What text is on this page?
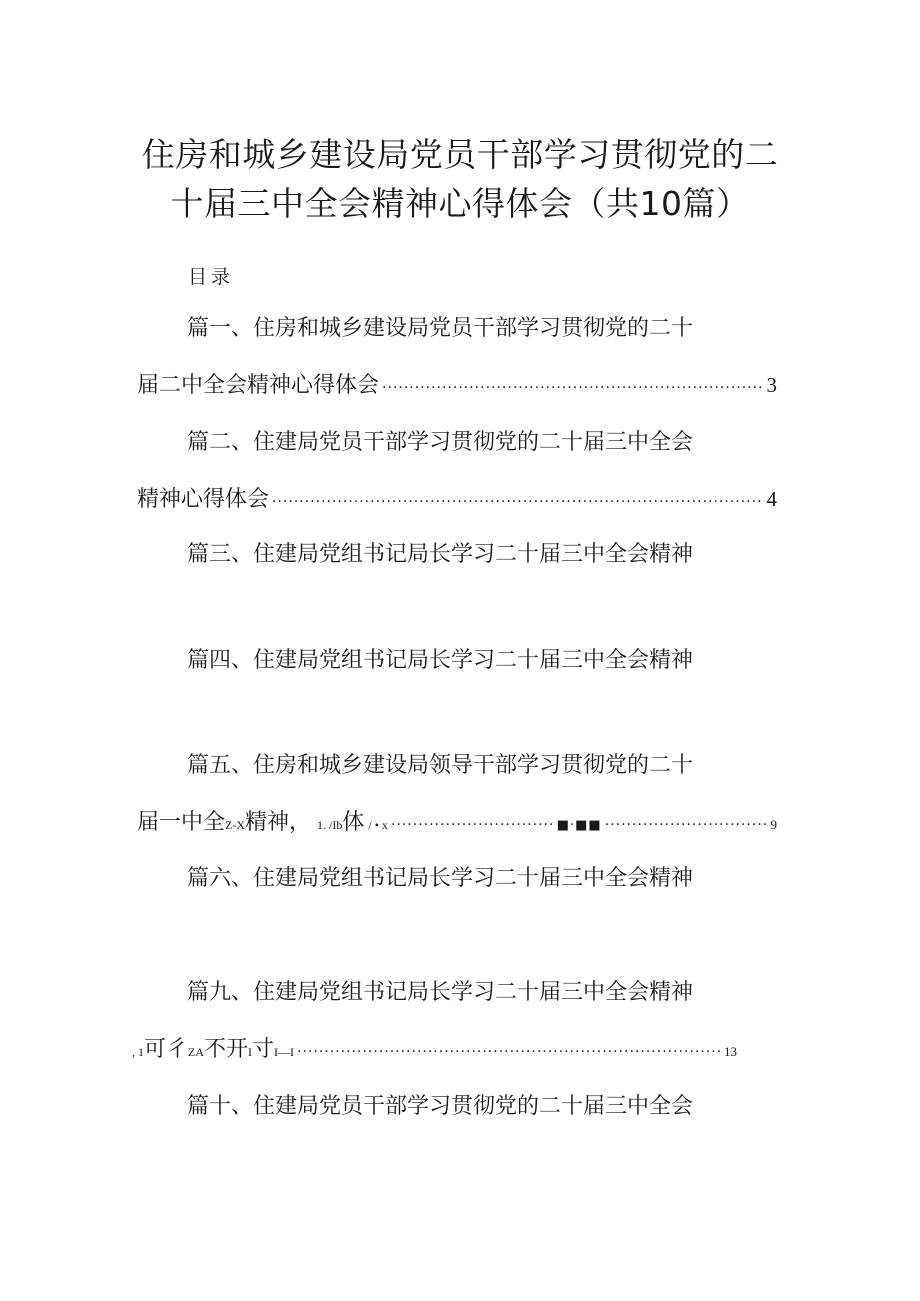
住房和城乡建设局党员干部学习贯彻党的二
十届三中全会精神心得体会（共10篇）
目录
篇一、住房和城乡建设局党员干部学习贯彻党的二十
届二中全会精神心得体会 ·····	3
篇二、住建局党员干部学习贯彻党的二十届三中全会
精神心得体会 ·····	4
篇三、住建局党组书记局长学习二十届三中全会精神
篇四、住建局党组书记局长学习二十届三中全会精神
篇五、住房和城乡建设局领导干部学习贯彻党的二十
届一中全 Z-X 精神， 1. /Ib 体 / • x ·····	■·■■ ·····	9
篇六、住建局党组书记局长学习二十届三中全会精神
篇九、住建局党组书记局长学习二十届三中全会精神
, 1 可彳 ZA 不开 I 寸 I—I ·····	13
篇十、住建局党员干部学习贯彻党的二十届三中全会
